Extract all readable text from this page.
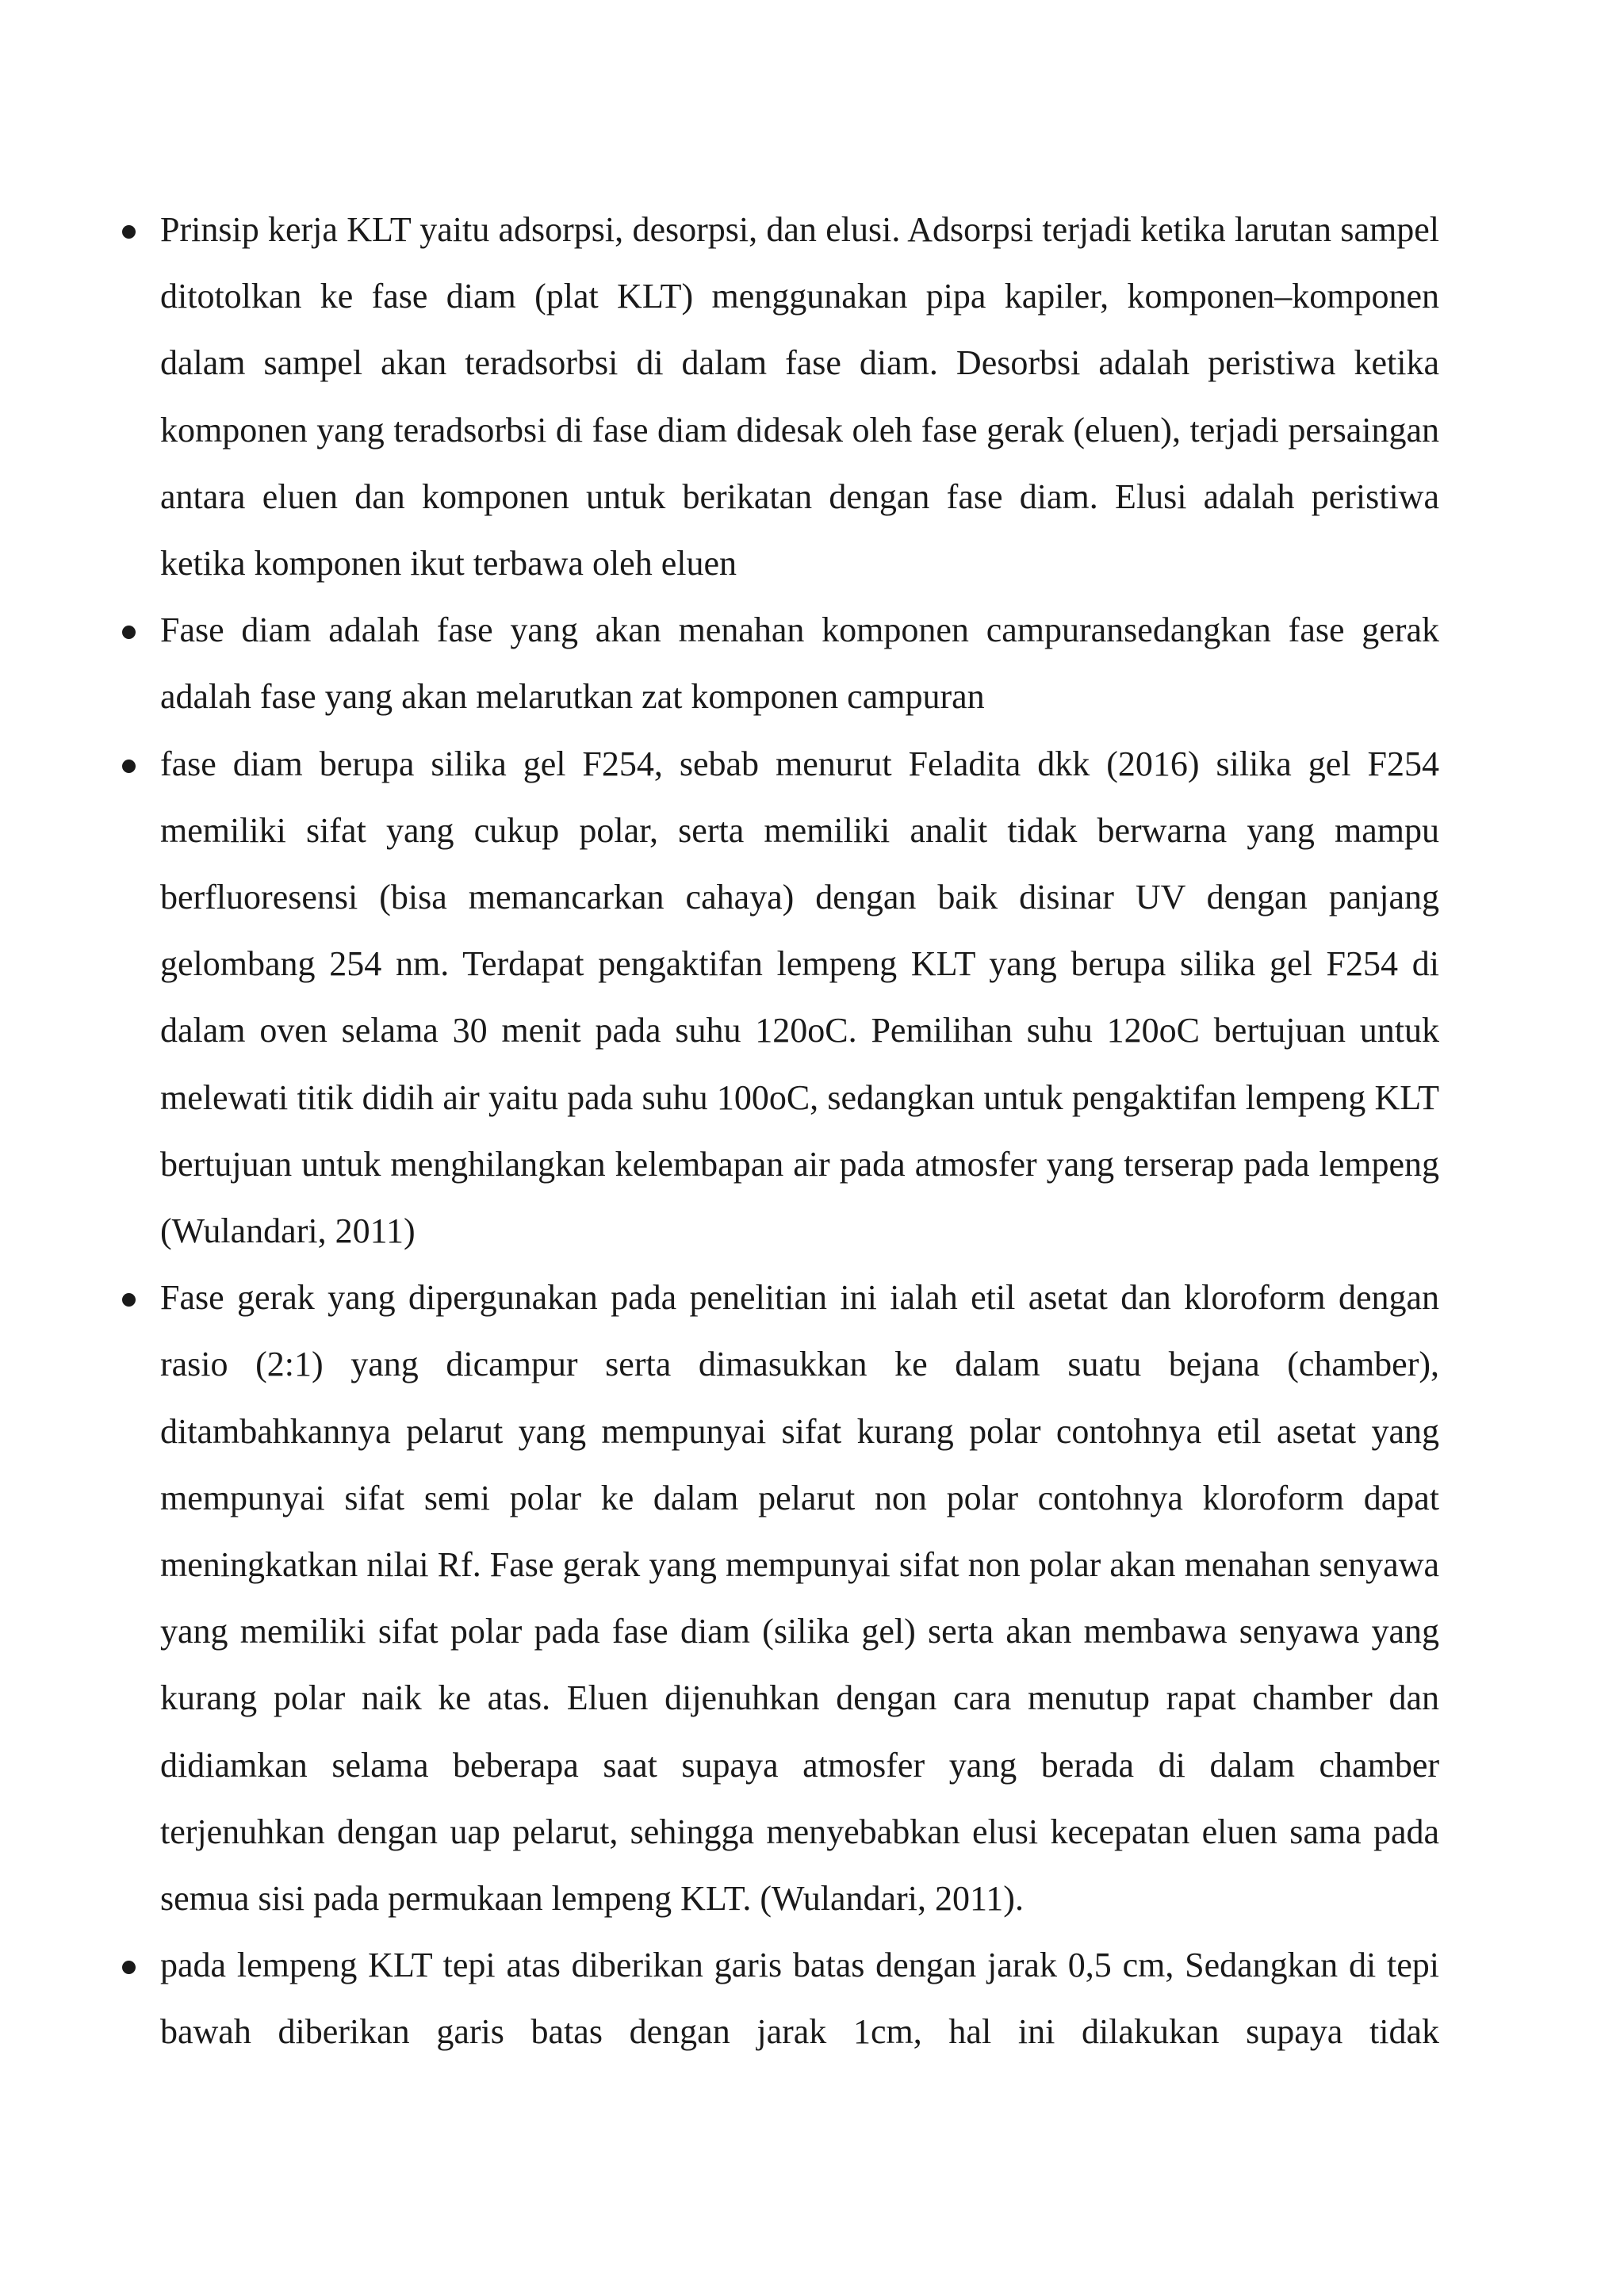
Prinsip kerja KLT yaitu adsorpsi, desorpsi, dan elusi. Adsorpsi terjadi ketika larutan sampel ditotolkan ke fase diam (plat KLT) menggunakan pipa kapiler, komponen–komponen dalam sampel akan teradsorbsi di dalam fase diam. Desorbsi adalah peristiwa ketika komponen yang teradsorbsi di fase diam didesak oleh fase gerak (eluen), terjadi persaingan antara eluen dan komponen untuk berikatan dengan fase diam. Elusi adalah peristiwa ketika komponen ikut terbawa oleh eluen
Fase diam adalah fase yang akan menahan komponen campuransedangkan fase gerak adalah fase yang akan melarutkan zat komponen campuran
fase diam berupa silika gel F254, sebab menurut Feladita dkk (2016) silika gel F254 memiliki sifat yang cukup polar, serta memiliki analit tidak berwarna yang mampu berfluoresensi (bisa memancarkan cahaya) dengan baik disinar UV dengan panjang gelombang 254 nm. Terdapat pengaktifan lempeng KLT yang berupa silika gel F254 di dalam oven selama 30 menit pada suhu 120oC. Pemilihan suhu 120oC bertujuan untuk melewati titik didih air yaitu pada suhu 100oC, sedangkan untuk pengaktifan lempeng KLT bertujuan untuk menghilangkan kelembapan air pada atmosfer yang terserap pada lempeng (Wulandari, 2011)
Fase gerak yang dipergunakan pada penelitian ini ialah etil asetat dan kloroform dengan rasio (2:1) yang dicampur serta dimasukkan ke dalam suatu bejana (chamber), ditambahkannya pelarut yang mempunyai sifat kurang polar contohnya etil asetat yang mempunyai sifat semi polar ke dalam pelarut non polar contohnya kloroform dapat meningkatkan nilai Rf. Fase gerak yang mempunyai sifat non polar akan menahan senyawa yang memiliki sifat polar pada fase diam (silika gel) serta akan membawa senyawa yang kurang polar naik ke atas. Eluen dijenuhkan dengan cara menutup rapat chamber dan didiamkan selama beberapa saat supaya atmosfer yang berada di dalam chamber terjenuhkan dengan uap pelarut, sehingga menyebabkan elusi kecepatan eluen sama pada semua sisi pada permukaan lempeng KLT. (Wulandari, 2011).
pada lempeng KLT tepi atas diberikan garis batas dengan jarak 0,5 cm, Sedangkan di tepi bawah diberikan garis batas dengan jarak 1cm, hal ini dilakukan supaya tidak
